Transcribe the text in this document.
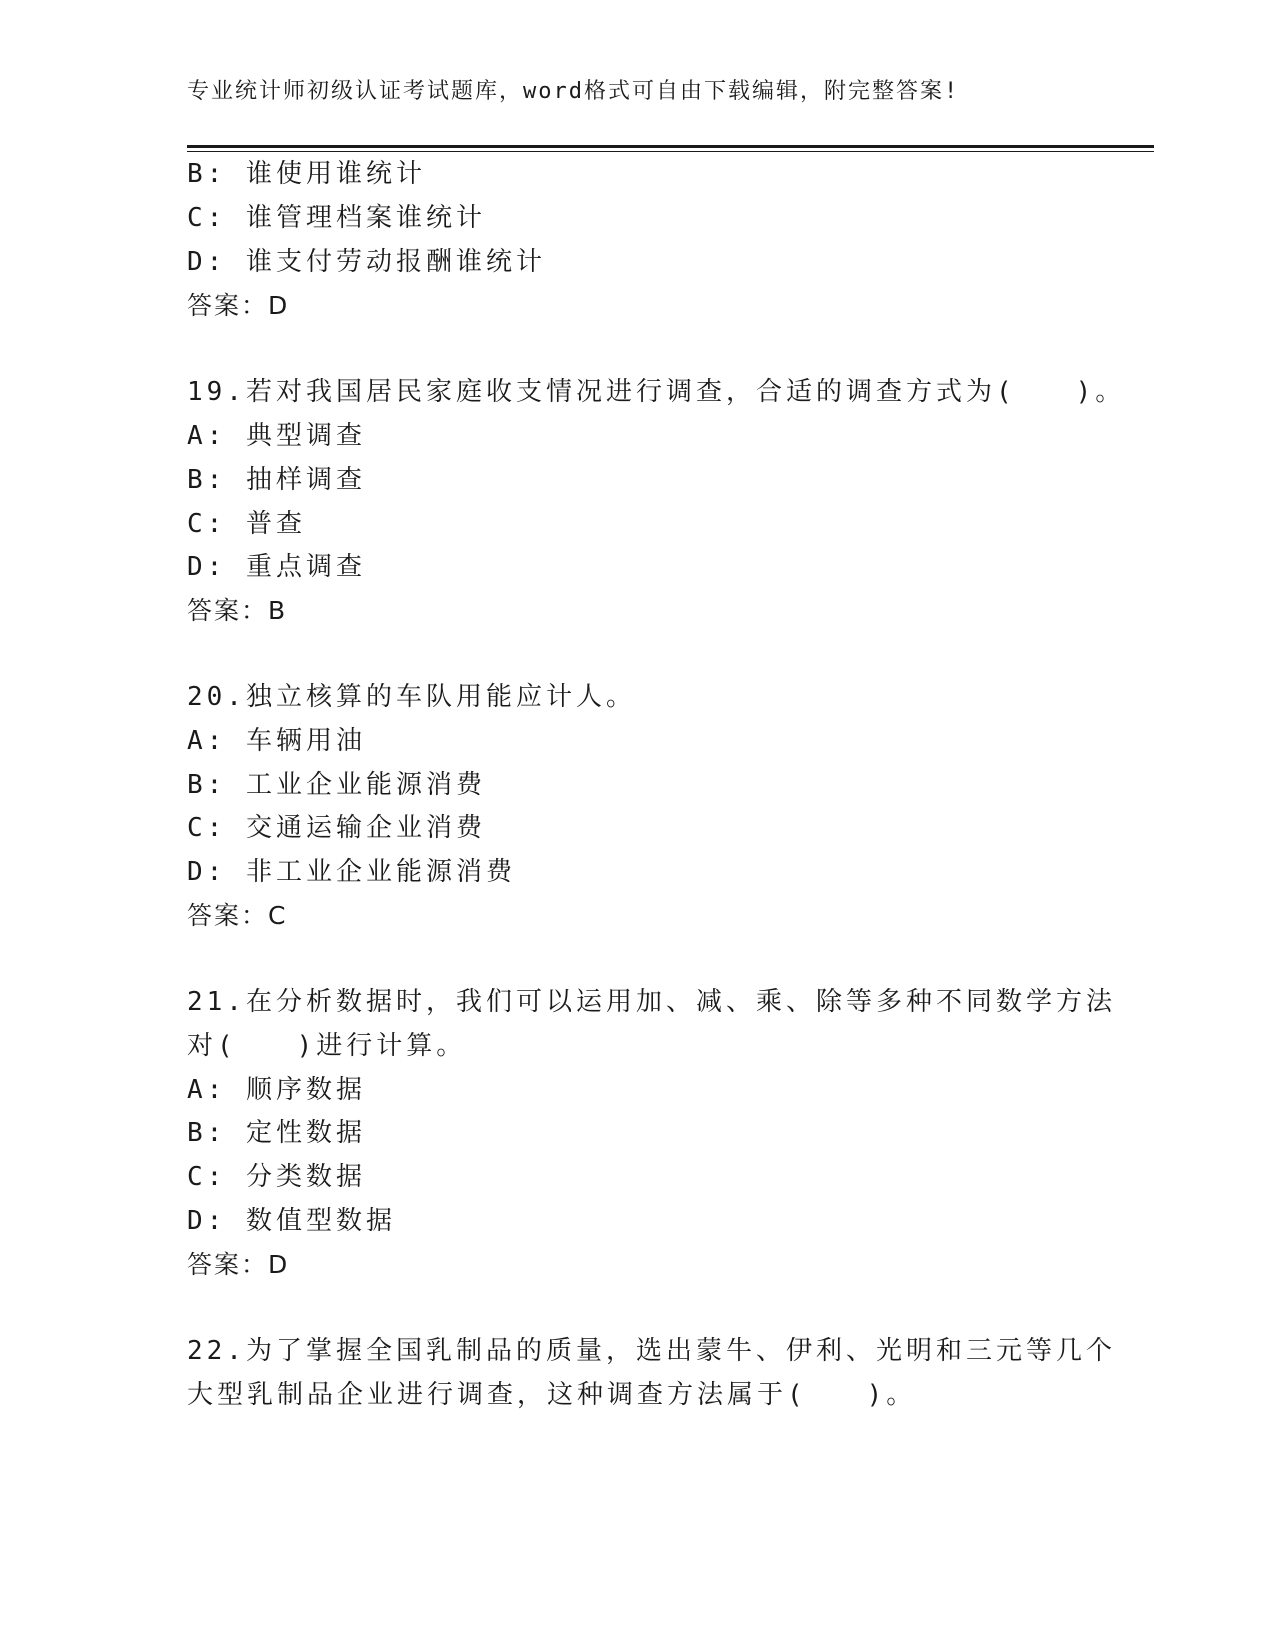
专业统计师初级认证考试题库，word格式可自由下载编辑，附完整答案!
B: 谁使用谁统计
C: 谁管理档案谁统计
D: 谁支付劳动报酬谁统计
答案：D
19.若对我国居民家庭收支情况进行调查，合适的调查方式为(　　)。
A: 典型调查
B: 抽样调查
C: 普查
D: 重点调查
答案：B
20.独立核算的车队用能应计人。
A: 车辆用油
B: 工业企业能源消费
C: 交通运输企业消费
D: 非工业企业能源消费
答案：C
21.在分析数据时，我们可以运用加、减、乘、除等多种不同数学方法
对(　　)进行计算。
A: 顺序数据
B: 定性数据
C: 分类数据
D: 数值型数据
答案：D
22.为了掌握全国乳制品的质量，选出蒙牛、伊利、光明和三元等几个
大型乳制品企业进行调查，这种调查方法属于(　　)。
